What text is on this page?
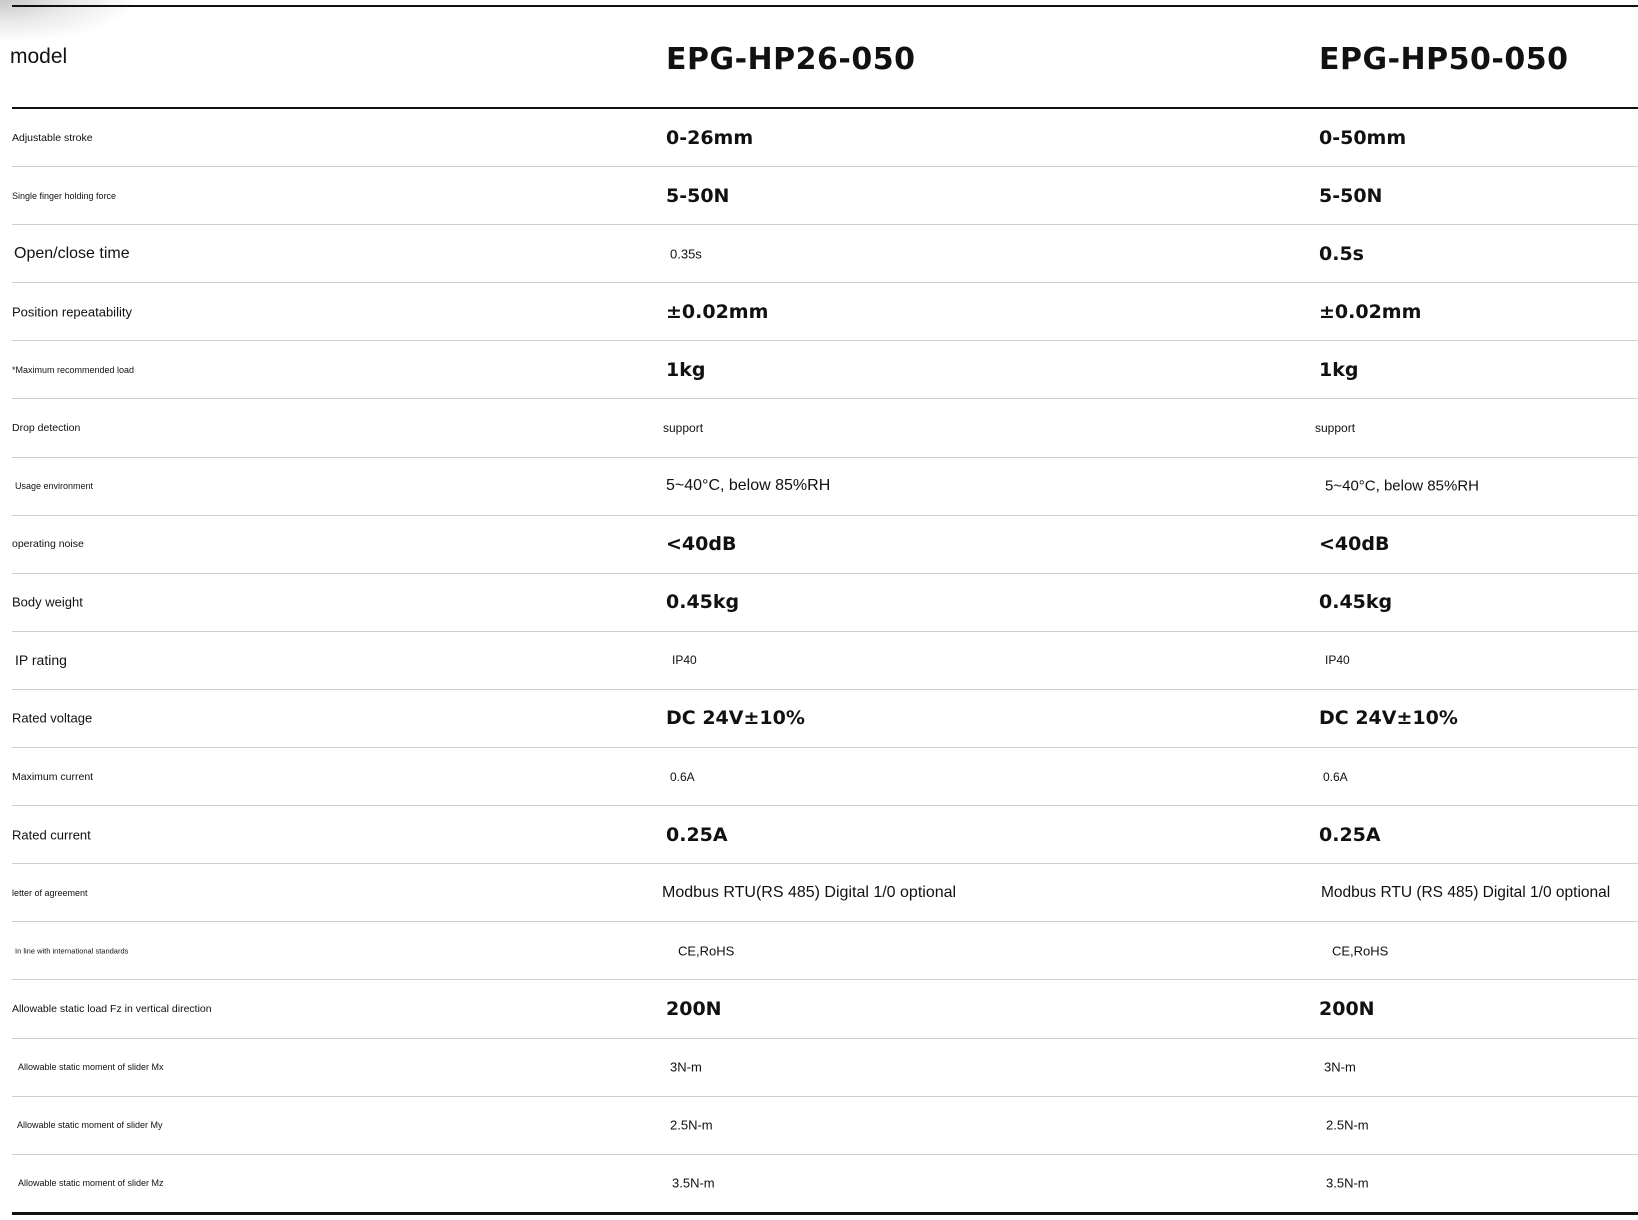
model	EPG-HP26-050	EPG-HP50-050
Adjustable stroke	0-26mm	0-50mm
Single finger holding force	5-50N	5-50N
Open/close time	0.35s	0.5s
Position repeatability	±0.02mm	±0.02mm
*Maximum recommended load	1kg	1kg
Drop detection	support	support
Usage environment	5~40°C, below 85%RH	5~40°C, below 85%RH
operating noise	<40dB	<40dB
Body weight	0.45kg	0.45kg
IP rating	IP40	IP40
Rated voltage	DC 24V±10%	DC 24V±10%
Maximum current	0.6A	0.6A
Rated current	0.25A	0.25A
letter of agreement	Modbus RTU(RS 485) Digital 1/0 optional	Modbus RTU (RS 485) Digital 1/0 optional
In line with international standards	CE,RoHS	CE,RoHS
Allowable static load Fz in vertical direction	200N	200N
Allowable static moment of slider Mx	3N-m	3N-m
Allowable static moment of slider My	2.5N-m	2.5N-m
Allowable static moment of slider Mz	3.5N-m	3.5N-m
